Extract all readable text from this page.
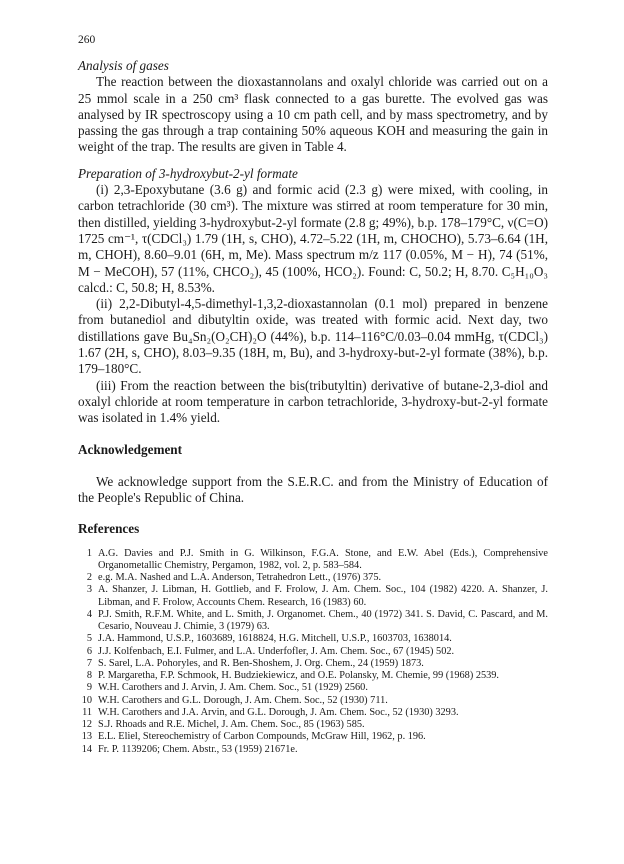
260

Analysis of gases

The reaction between the dioxastannolans and oxalyl chloride was carried out on a 25 mmol scale in a 250 cm³ flask connected to a gas burette. The evolved gas was analysed by IR spectroscopy using a 10 cm path cell, and by mass spectrometry, and by passing the gas through a trap containing 50% aqueous KOH and measuring the gain in weight of the trap. The results are given in Table 4.

Preparation of 3-hydroxybut-2-yl formate

(i) 2,3-Epoxybutane (3.6 g) and formic acid (2.3 g) were mixed, with cooling, in carbon tetrachloride (30 cm³). The mixture was stirred at room temperature for 30 min, then distilled, yielding 3-hydroxybut-2-yl formate (2.8 g; 49%), b.p. 178–179°C, ν(C=O) 1725 cm⁻¹, τ(CDCl₃) 1.79 (1H, s, CHO), 4.72–5.22 (1H, m, CHOCHO), 5.73–6.64 (1H, m, CHOH), 8.60–9.01 (6H, m, Me). Mass spectrum m/z 117 (0.05%, M − H), 74 (51%, M − MeCOH), 57 (11%, CHCO₂), 45 (100%, HCO₂). Found: C, 50.2; H, 8.70. C₅H₁₀O₃ calcd.: C, 50.8; H, 8.53%.

(ii) 2,2-Dibutyl-4,5-dimethyl-1,3,2-dioxastannolan (0.1 mol) prepared in benzene from butanediol and dibutyltin oxide, was treated with formic acid. Next day, two distillations gave Bu₄Sn₂(O₂CH)₂O (44%), b.p. 114–116°C/0.03–0.04 mmHg, τ(CDCl₃) 1.67 (2H, s, CHO), 8.03–9.35 (18H, m, Bu), and 3-hydroxy-but-2-yl formate (38%), b.p. 179–180°C.

(iii) From the reaction between the bis(tributyltin) derivative of butane-2,3-diol and oxalyl chloride at room temperature in carbon tetrachloride, 3-hydroxy-but-2-yl formate was isolated in 1.4% yield.

Acknowledgement

We acknowledge support from the S.E.R.C. and from the Ministry of Education of the People's Republic of China.

References

1 A.G. Davies and P.J. Smith in G. Wilkinson, F.G.A. Stone, and E.W. Abel (Eds.), Comprehensive Organometallic Chemistry, Pergamon, 1982, vol. 2, p. 583–584.
2 e.g. M.A. Nashed and L.A. Anderson, Tetrahedron Lett., (1976) 375.
3 A. Shanzer, J. Libman, H. Gottlieb, and F. Frolow, J. Am. Chem. Soc., 104 (1982) 4220. A. Shanzer, J. Libman, and F. Frolow, Accounts Chem. Research, 16 (1983) 60.
4 P.J. Smith, R.F.M. White, and L. Smith, J. Organomet. Chem., 40 (1972) 341. S. David, C. Pascard, and M. Cesario, Nouveau J. Chimie, 3 (1979) 63.
5 J.A. Hammond, U.S.P., 1603689, 1618824, H.G. Mitchell, U.S.P., 1603703, 1638014.
6 J.J. Kolfenbach, E.I. Fulmer, and L.A. Underfofler, J. Am. Chem. Soc., 67 (1945) 502.
7 S. Sarel, L.A. Pohoryles, and R. Ben-Shoshem, J. Org. Chem., 24 (1959) 1873.
8 P. Margaretha, F.P. Schmook, H. Budziekiewicz, and O.E. Polansky, M. Chemie, 99 (1968) 2539.
9 W.H. Carothers and J. Arvin, J. Am. Chem. Soc., 51 (1929) 2560.
10 W.H. Carothers and G.L. Dorough, J. Am. Chem. Soc., 52 (1930) 711.
11 W.H. Carothers and J.A. Arvin, and G.L. Dorough, J. Am. Chem. Soc., 52 (1930) 3293.
12 S.J. Rhoads and R.E. Michel, J. Am. Chem. Soc., 85 (1963) 585.
13 E.L. Eliel, Stereochemistry of Carbon Compounds, McGraw Hill, 1962, p. 196.
14 Fr. P. 1139206; Chem. Abstr., 53 (1959) 21671e.
